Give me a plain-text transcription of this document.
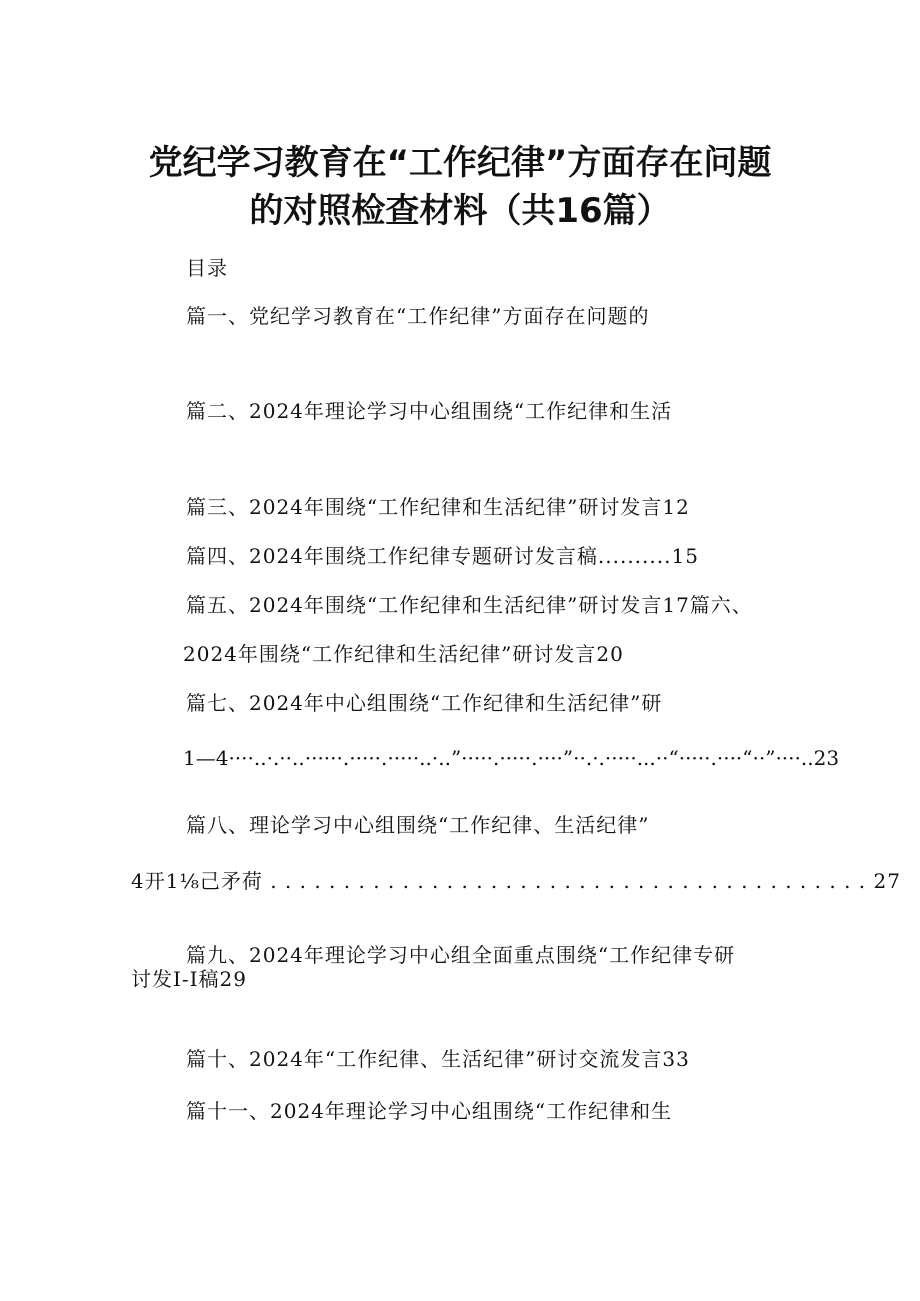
党纪学习教育在“工作纪律”方面存在问题
的对照检查材料（共16篇）
目录
篇一、党纪学习教育在“工作纪律”方面存在问题的
篇二、2024年理论学习中心组围绕“工作纪律和生活
篇三、2024年围绕“工作纪律和生活纪律”研讨发言12
篇四、2024年围绕工作纪律专题研讨发言稿..........15
篇五、2024年围绕“工作纪律和生活纪律”研讨发言17篇六、
2024年围绕“工作纪律和生活纪律”研讨发言20
篇七、2024年中心组围绕“工作纪律和生活纪律”研
1—4····..·.··..······.·····.·····..·..”·····.·····.····”··.·.·····...··“·····.····“··”····..23
篇八、理论学习中心组围绕“工作纪律、生活纪律”
4开1⅛己矛荷 . . . . . . . . . . . . . . . . . . . . . . . . . . . . . . . . . . . . . . . . . 27
篇九、2024年理论学习中心组全面重点围绕“工作纪律专研
讨发I-I稿29
篇十、2024年“工作纪律、生活纪律”研讨交流发言33
篇十一、2024年理论学习中心组围绕“工作纪律和生
